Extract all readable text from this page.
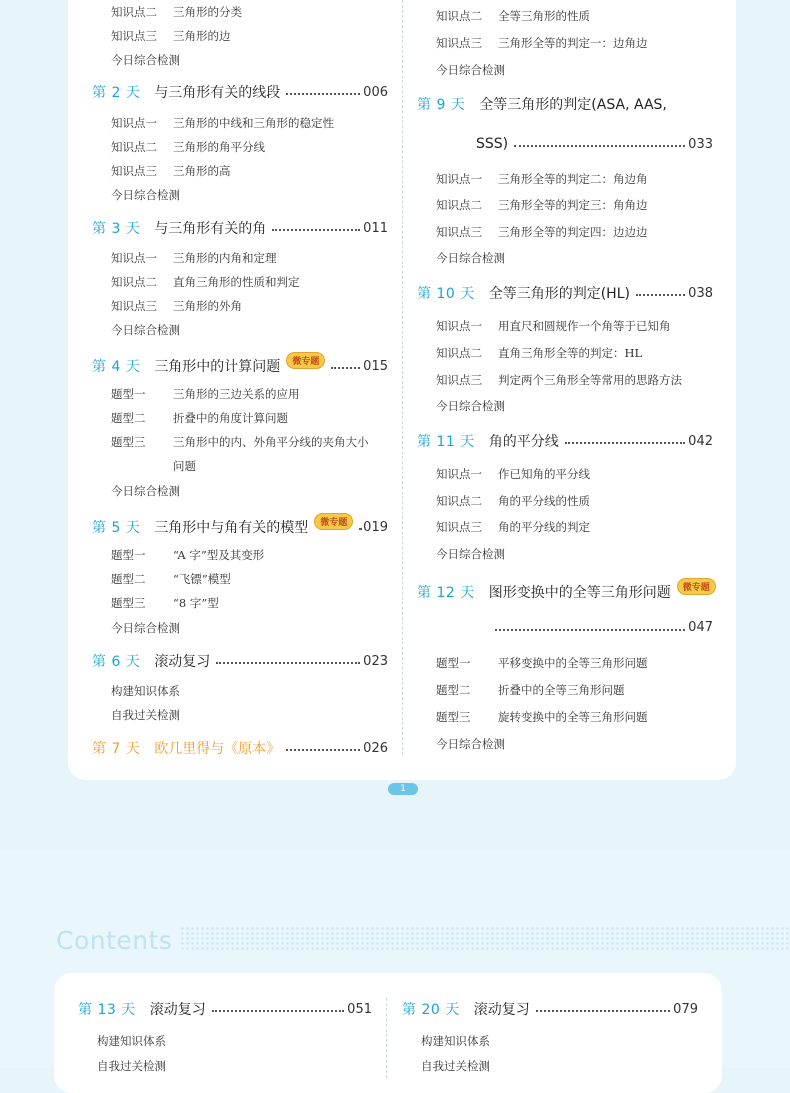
知识点二	三角形的分类
知识点三	三角形的边
今日综合检测
第 2 天 与三角形有关的线段	006
知识点一	三角形的中线和三角形的稳定性
知识点二	三角形的角平分线
知识点三	三角形的高
今日综合检测
第 3 天 与三角形有关的角	011
知识点一	三角形的内角和定理
知识点二	直角三角形的性质和判定
知识点三	三角形的外角
今日综合检测
第 4 天 三角形中的计算问题	微专题	015
题型一	三角形的三边关系的应用
题型二	折叠中的角度计算问题
题型三	三角形中的内、外角平分线的夹角大小
问题
今日综合检测
第 5 天 三角形中与角有关的模型	微专题	019
题型一	“A 字”型及其变形
题型二	“飞镖”模型
题型三	“8 字”型
今日综合检测
第 6 天 滚动复习	023
构建知识体系
自我过关检测
第 7 天 欧几里得与《原本》	026
知识点二	全等三角形的性质
知识点三	三角形全等的判定一：边角边
今日综合检测
第 9 天 全等三角形的判定(ASA, AAS,
SSS)	033
知识点一	三角形全等的判定二：角边角
知识点二	三角形全等的判定三：角角边
知识点三	三角形全等的判定四：边边边
今日综合检测
第 10 天 全等三角形的判定(HL)	038
知识点一	用直尺和圆规作一个角等于已知角
知识点二	直角三角形全等的判定：HL
知识点三	判定两个三角形全等常用的思路方法
今日综合检测
第 11 天 角的平分线	042
知识点一	作已知角的平分线
知识点二	角的平分线的性质
知识点三	角的平分线的判定
今日综合检测
第 12 天 图形变换中的全等三角形问题	微专题
047
题型一	平移变换中的全等三角形问题
题型二	折叠中的全等三角形问题
题型三	旋转变换中的全等三角形问题
今日综合检测
1
Contents
第 13 天 滚动复习	051
构建知识体系
自我过关检测
第 20 天 滚动复习	079
构建知识体系
自我过关检测
